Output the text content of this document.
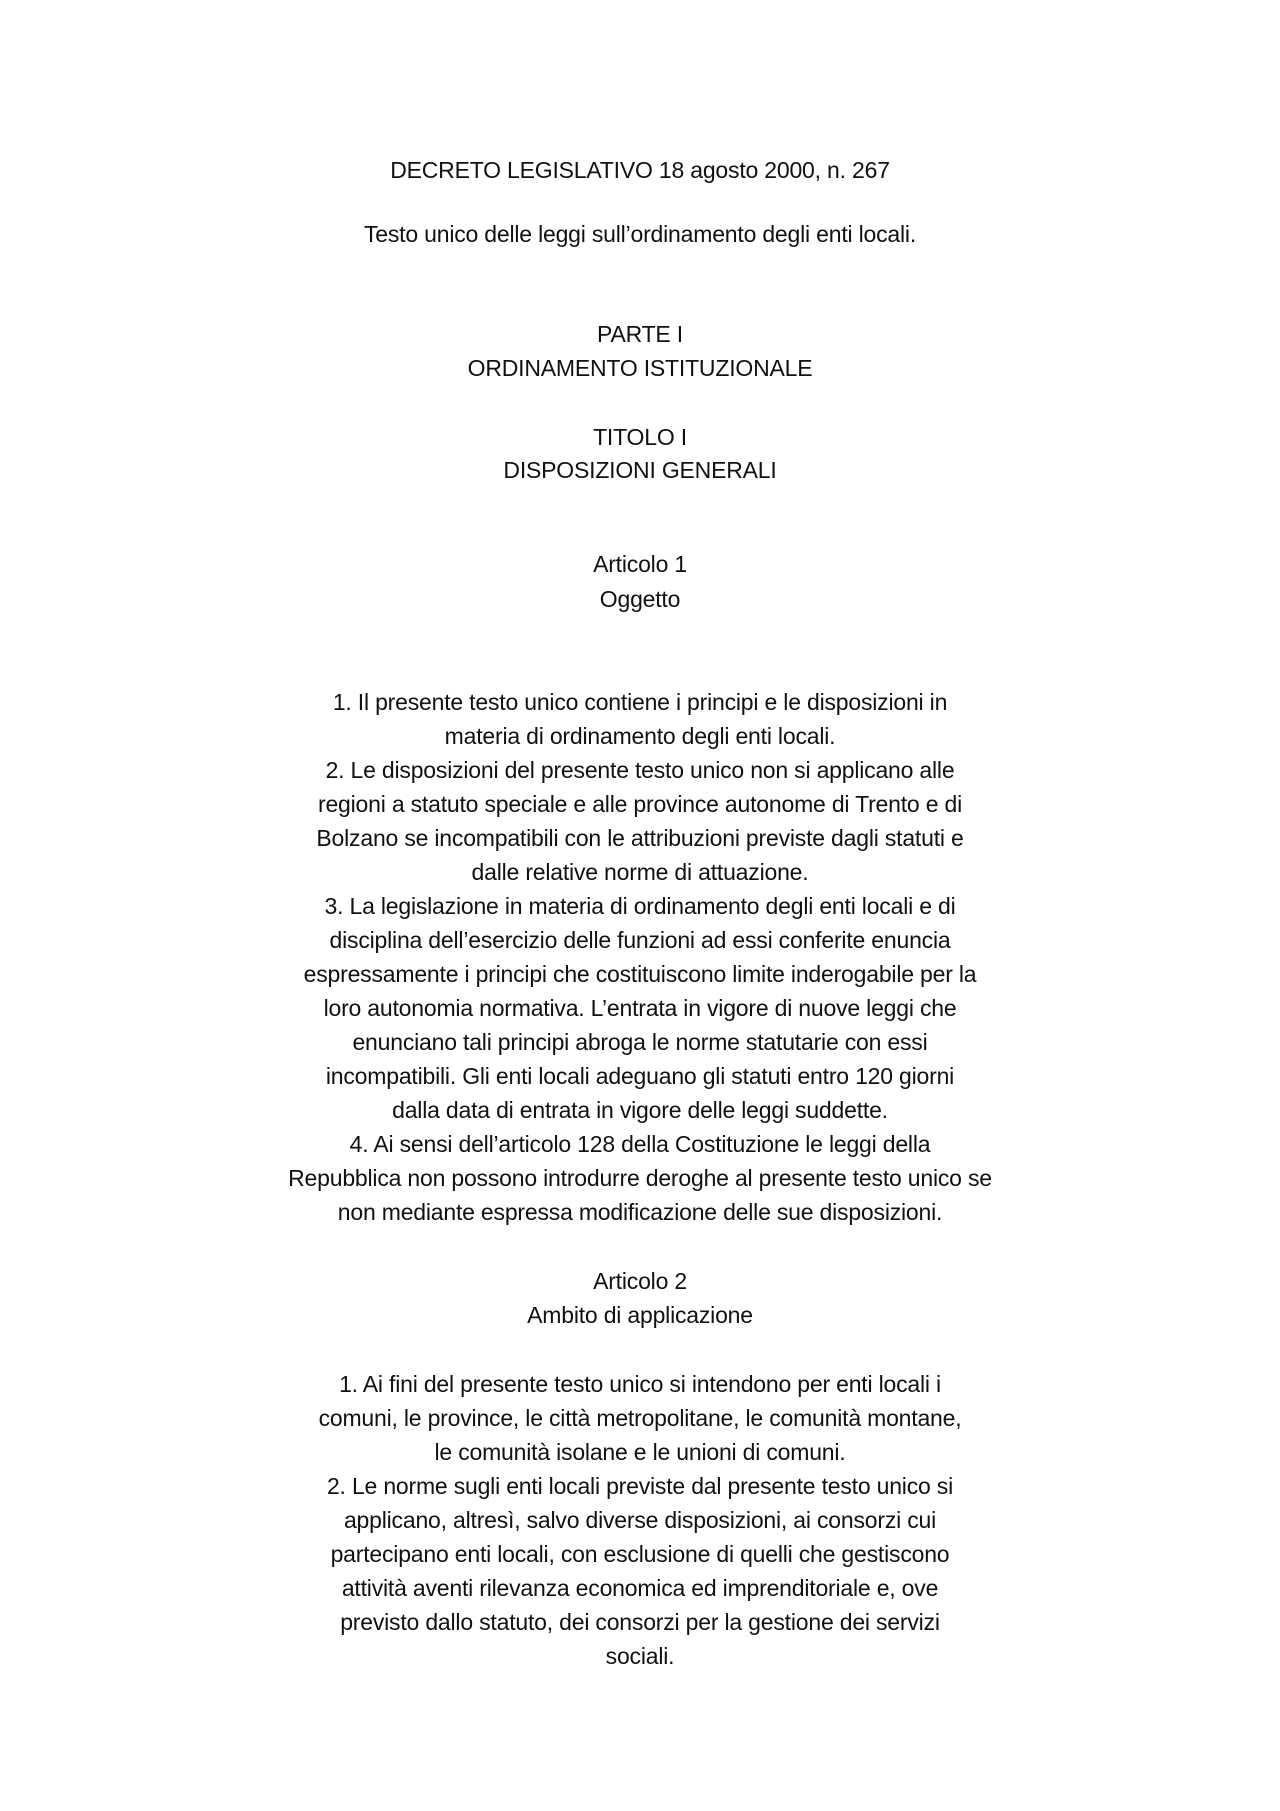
DECRETO LEGISLATIVO 18 agosto 2000, n. 267
Testo unico delle leggi sull’ordinamento degli enti locali.
PARTE I
ORDINAMENTO ISTITUZIONALE
TITOLO I
DISPOSIZIONI GENERALI
Articolo 1
Oggetto
1. Il presente testo unico contiene i principi e le disposizioni in
materia di ordinamento degli enti locali.
2. Le disposizioni del presente testo unico non si applicano alle
regioni a statuto speciale e alle province autonome di Trento e di
Bolzano se incompatibili con le attribuzioni previste dagli statuti e
dalle relative norme di attuazione.
3. La legislazione in materia di ordinamento degli enti locali e di
disciplina dell’esercizio delle funzioni ad essi conferite enuncia
espressamente i principi che costituiscono limite inderogabile per la
loro autonomia normativa. L’entrata in vigore di nuove leggi che
enunciano tali principi abroga le norme statutarie con essi
incompatibili. Gli enti locali adeguano gli statuti entro 120 giorni
dalla data di entrata in vigore delle leggi suddette.
4. Ai sensi dell’articolo 128 della Costituzione le leggi della
Repubblica non possono introdurre deroghe al presente testo unico se
non mediante espressa modificazione delle sue disposizioni.
Articolo 2
Ambito di applicazione
1. Ai fini del presente testo unico si intendono per enti locali i
comuni, le province, le città metropolitane, le comunità montane,
le comunità isolane e le unioni di comuni.
2. Le norme sugli enti locali previste dal presente testo unico si
applicano, altresì, salvo diverse disposizioni, ai consorzi cui
partecipano enti locali, con esclusione di quelli che gestiscono
attività aventi rilevanza economica ed imprenditoriale e, ove
previsto dallo statuto, dei consorzi per la gestione dei servizi
sociali.
